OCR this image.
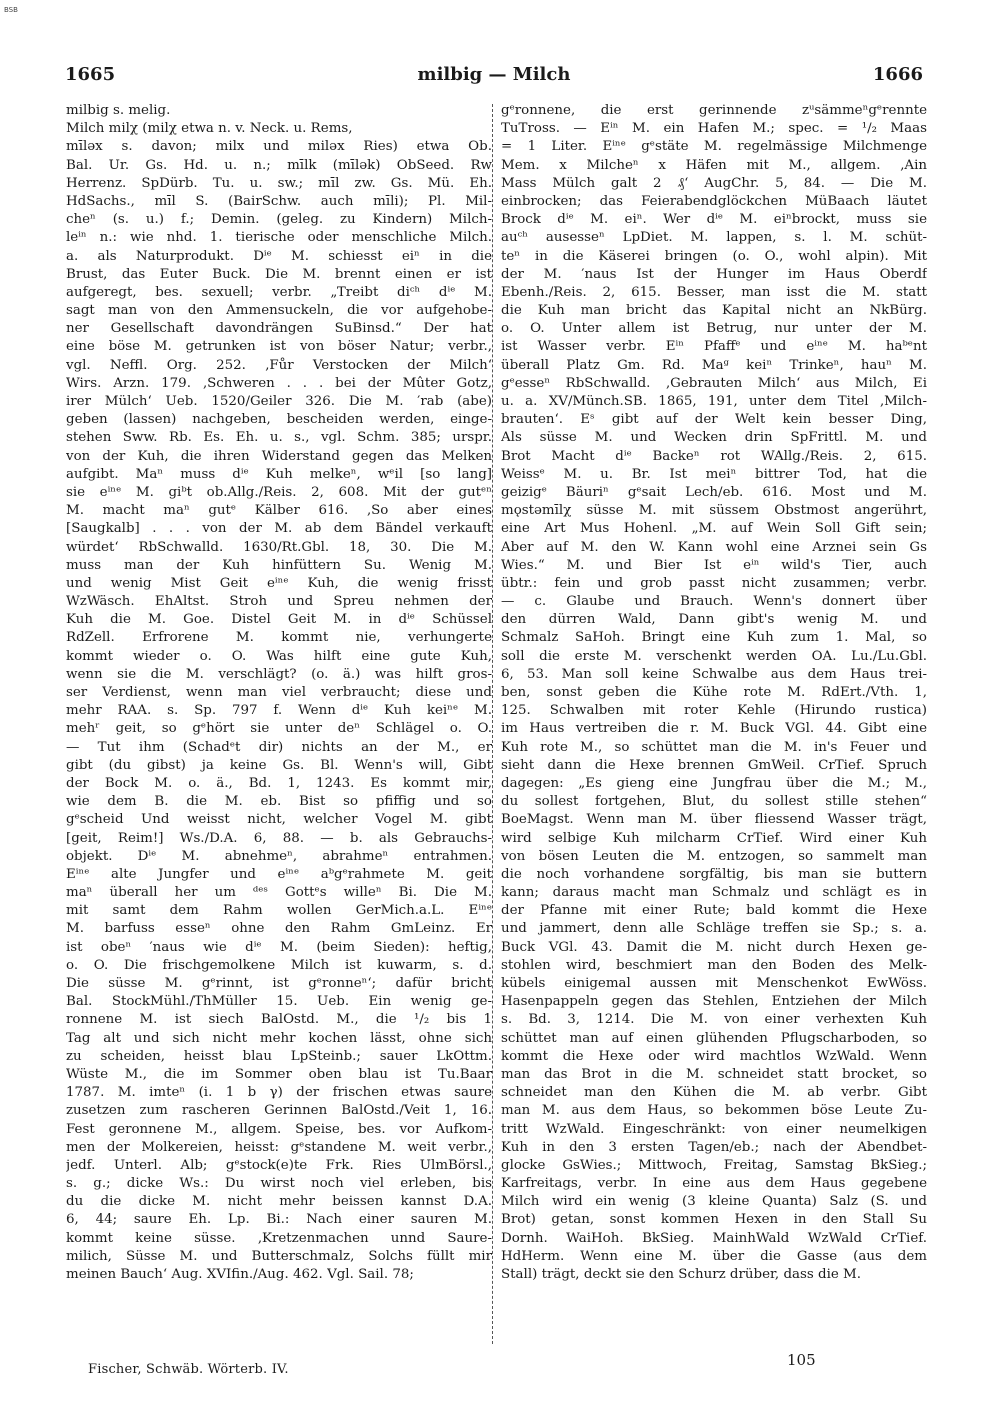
BSB
milbig — Milch
1665	1666
milbig s. melig.
Milch milχ (milχ etwa n. v. Neck. u. Rems,
mīləx s. davon; milx und miləx Ries) etwa Ob.
Bal. Ur. Gs. Hd. u. n.; mīlk (mīlək) ObSeed. Rw
Herrenz. SpDürb. Tu. u. sw.; mīl zw. Gs. Mü. Eh.
HdSachs., mīl S. (BairSchw. auch mīli); Pl. Mil-
cheⁿ (s. u.) f.; Demin. (geleg. zu Kindern) Milch-
leⁱⁿ n.: wie nhd. 1. tierische oder menschliche Milch.
a. als Naturprodukt. Dⁱᵉ M. schiesst eiⁿ in die
Brust, das Euter Buck. Die M. brennt einen er ist
aufgeregt, bes. sexuell; verbr. „Treibt diᶜʰ dⁱᵉ M.
sagt man von den Ammensuckeln, die vor aufgehobe-
ner Gesellschaft davondrängen SuBinsd.“ Der hat
eine böse M. getrunken ist von böser Natur; verbr.,
vgl. Neffl. Org. 252. ‚Fůr Verstocken der Milch‘
Wirs. Arzn. 179. ‚Schweren . . . bei der Mûter Gotz,
irer Mülch‘ Ueb. 1520/Geiler 326. Die M. ′rab (abe)
geben (lassen) nachgeben, bescheiden werden, einge-
stehen Sww. Rb. Es. Eh. u. s., vgl. Schm. 385; urspr.
von der Kuh, die ihren Widerstand gegen das Melken
aufgibt. Maⁿ muss dⁱᵉ Kuh melkeⁿ, wᵉil [so lang]
sie eⁱⁿᵉ M. giᵇt ob.Allg./Reis. 2, 608. Mit der gutᵉⁿ
M. macht maⁿ gutᵉ Kälber 616. ‚So aber eines
[Saugkalb] . . . von der M. ab dem Bändel verkauft
würdet‘ RbSchwalld. 1630/Rt.Gbl. 18, 30. Die M.
muss man der Kuh hinfüttern Su. Wenig M.
und wenig Mist Geit eⁱⁿᵉ Kuh, die wenig frisst
WzWäsch. EhAltst. Stroh und Spreu nehmen der
Kuh die M. Goe. Distel Geit M. in dⁱᵉ Schüssel
RdZell. Erfrorene M. kommt nie, verhungerte
kommt wieder o. O. Was hilft eine gute Kuh,
wenn sie die M. verschlägt? (o. ä.) was hilft gros-
ser Verdienst, wenn man viel verbraucht; diese und
mehr RAA. s. Sp. 797 f. Wenn dⁱᵉ Kuh keiⁿᵉ M.
mehʳ geit, so gᵉhört sie unter deⁿ Schlägel o. O.
— Tut ihm (Schadᵉt dir) nichts an der M., er
gibt (du gibst) ja keine Gs. Bl. Wenn's will, Gibt
der Bock M. o. ä., Bd. 1, 1243. Es kommt mir,
wie dem B. die M. eb. Bist so pfiffig und so
gᵉscheid Und weisst nicht, welcher Vogel M. gibt
[geit, Reim!] Ws./D.A. 6, 88. — b. als Gebrauchs-
objekt. Dⁱᵉ M. abnehmeⁿ, abrahmeⁿ entrahmen.
Eⁱⁿᵉ alte Jungfer und eⁱⁿᵉ aᵇgᵉrahmete M. geit
maⁿ überall her um ᵈᵉˢ Gottᵉs willeⁿ Bi. Die M.
mit samt dem Rahm wollen GerMich.a.L. Eⁱⁿᵉ
M. barfuss esseⁿ ohne den Rahm GmLeinz. Er
ist obeⁿ ′naus wie dⁱᵉ M. (beim Sieden): heftig,
o. O. Die frischgemolkene Milch ist kuwarm, s. d.
Die süsse M. gᵉrinnt, ist gᵉronneⁿ‘; dafür bricht
Bal. StockMühl./ThMüller 15. Ueb. Ein wenig ge-
ronnene M. ist siech BalOstd. M., die ¹/₂ bis 1
Tag alt und sich nicht mehr kochen lässt, ohne sich
zu scheiden, heisst blau LpSteinb.; sauer LkOttm.
Wüste M., die im Sommer oben blau ist Tu.Baar
1787. M. imteⁿ (i. 1 b γ) der frischen etwas saure
zusetzen zum rascheren Gerinnen BalOstd./Veit 1, 16.
Fest geronnene M., allgem. Speise, bes. vor Aufkom-
men der Molkereien, heisst: gᵉstandene M. weit verbr.,
jedf. Unterl. Alb; gᵉstock(e)te Frk. Ries UlmBörsl.,
s. g.; dicke Ws.: Du wirst noch viel erleben, bis
du die dicke M. nicht mehr beissen kannst D.A.
6, 44; saure Eh. Lp. Bi.: Nach einer sauren M.
kommt keine süsse. ‚Kretzenmachen unnd Saure-
milich, Süsse M. und Butterschmalz, Solchs füllt mir
meinen Bauch‘ Aug. XVIfin./Aug. 462. Vgl. Sail. 78;
gᵉronnene, die erst gerinnende zᵘsämmeⁿgᵉrennte
TuTross. — Eⁱⁿ M. ein Hafen M.; spec. = ¹/₂ Maas
= 1 Liter. Eⁱⁿᵉ gᵉstäte M. regelmässige Milchmenge
Mem. x Milcheⁿ x Häfen mit M., allgem. ‚Ain
Mass Mülch galt 2 ₰‘ AugChr. 5, 84. — Die M.
einbrocken; das Feierabendglöckchen MüBaach läutet
Brock dⁱᵉ M. eiⁿ. Wer dⁱᵉ M. eiⁿbrockt, muss sie
auᶜʰ ausesseⁿ LpDiet. M. lappen, s. l. M. schüt-
teⁿ in die Käserei bringen (o. O., wohl alpin). Mit
der M. ′naus Ist der Hunger im Haus Oberdf
Ebenh./Reis. 2, 615. Besser, man isst die M. statt
die Kuh man bricht das Kapital nicht an NkBürg.
o. O. Unter allem ist Betrug, nur unter der M.
ist Wasser verbr. Eⁱⁿ Pfaffᵉ und eⁱⁿᵉ M. haᵇᵉnt
überall Platz Gm. Rd. Maᵍ keiⁿ Trinkeⁿ, hauⁿ M.
gᵉesseⁿ RbSchwalld. ‚Gebrauten Milch‘ aus Milch, Ei
u. a. XV/Münch.SB. 1865, 191, unter dem Titel ‚Milch-
brauten‘. Eˢ gibt auf der Welt kein besser Ding,
Als süsse M. und Wecken drin SpFrittl. M. und
Brot Macht dⁱᵉ Backeⁿ rot WAllg./Reis. 2, 615.
Weissᵉ M. u. Br. Ist meiⁿ bittrer Tod, hat die
geizigᵉ Bäuriⁿ gᵉsait Lech/eb. 616. Most und M.
mǫstəmīlχ süsse M. mit süssem Obstmost angerührt,
eine Art Mus Hohenl. „M. auf Wein Soll Gift sein;
Aber auf M. den W. Kann wohl eine Arznei sein Gs
Wies.“ M. und Bier Ist eⁱⁿ wild's Tier, auch
übtr.: fein und grob passt nicht zusammen; verbr.
— c. Glaube und Brauch. Wenn's donnert über
den dürren Wald, Dann gibt's wenig M. und
Schmalz SaHoh. Bringt eine Kuh zum 1. Mal, so
soll die erste M. verschenkt werden OA. Lu./Lu.Gbl.
6, 53. Man soll keine Schwalbe aus dem Haus trei-
ben, sonst geben die Kühe rote M. RdErt./Vth. 1,
125. Schwalben mit roter Kehle (Hirundo rustica)
im Haus vertreiben die r. M. Buck VGl. 44. Gibt eine
Kuh rote M., so schüttet man die M. in's Feuer und
sieht dann die Hexe brennen GmWeil. CrTief. Spruch
dagegen: „Es gieng eine Jungfrau über die M.; M.,
du sollest fortgehen, Blut, du sollest stille stehen“
BoeMagst. Wenn man M. über fliessend Wasser trägt,
wird selbige Kuh milcharm CrTief. Wird einer Kuh
von bösen Leuten die M. entzogen, so sammelt man
die noch vorhandene sorgfältig, bis man sie buttern
kann; daraus macht man Schmalz und schlägt es in
der Pfanne mit einer Rute; bald kommt die Hexe
und jammert, denn alle Schläge treffen sie Sp.; s. a.
Buck VGl. 43. Damit die M. nicht durch Hexen ge-
stohlen wird, beschmiert man den Boden des Melk-
kübels einigemal aussen mit Menschenkot EwWöss.
Hasenpappeln gegen das Stehlen, Entziehen der Milch
s. Bd. 3, 1214. Die M. von einer verhexten Kuh
schüttet man auf einen glühenden Pflugscharboden, so
kommt die Hexe oder wird machtlos WzWald. Wenn
man das Brot in die M. schneidet statt brocket, so
schneidet man den Kühen die M. ab verbr. Gibt
man M. aus dem Haus, so bekommen böse Leute Zu-
tritt WzWald. Eingeschränkt: von einer neumelkigen
Kuh in den 3 ersten Tagen/eb.; nach der Abendbet-
glocke GsWies.; Mittwoch, Freitag, Samstag BkSieg.;
Karfreitags, verbr. In eine aus dem Haus gegebene
Milch wird ein wenig (3 kleine Quanta) Salz (S. und
Brot) getan, sonst kommen Hexen in den Stall Su
Dornh. WaiHoh. BkSieg. MainhWald WzWald CrTief.
HdHerm. Wenn eine M. über die Gasse (aus dem
Stall) trägt, deckt sie den Schurz drüber, dass die M.
Fischer, Schwäb. Wörterb. IV.
105
